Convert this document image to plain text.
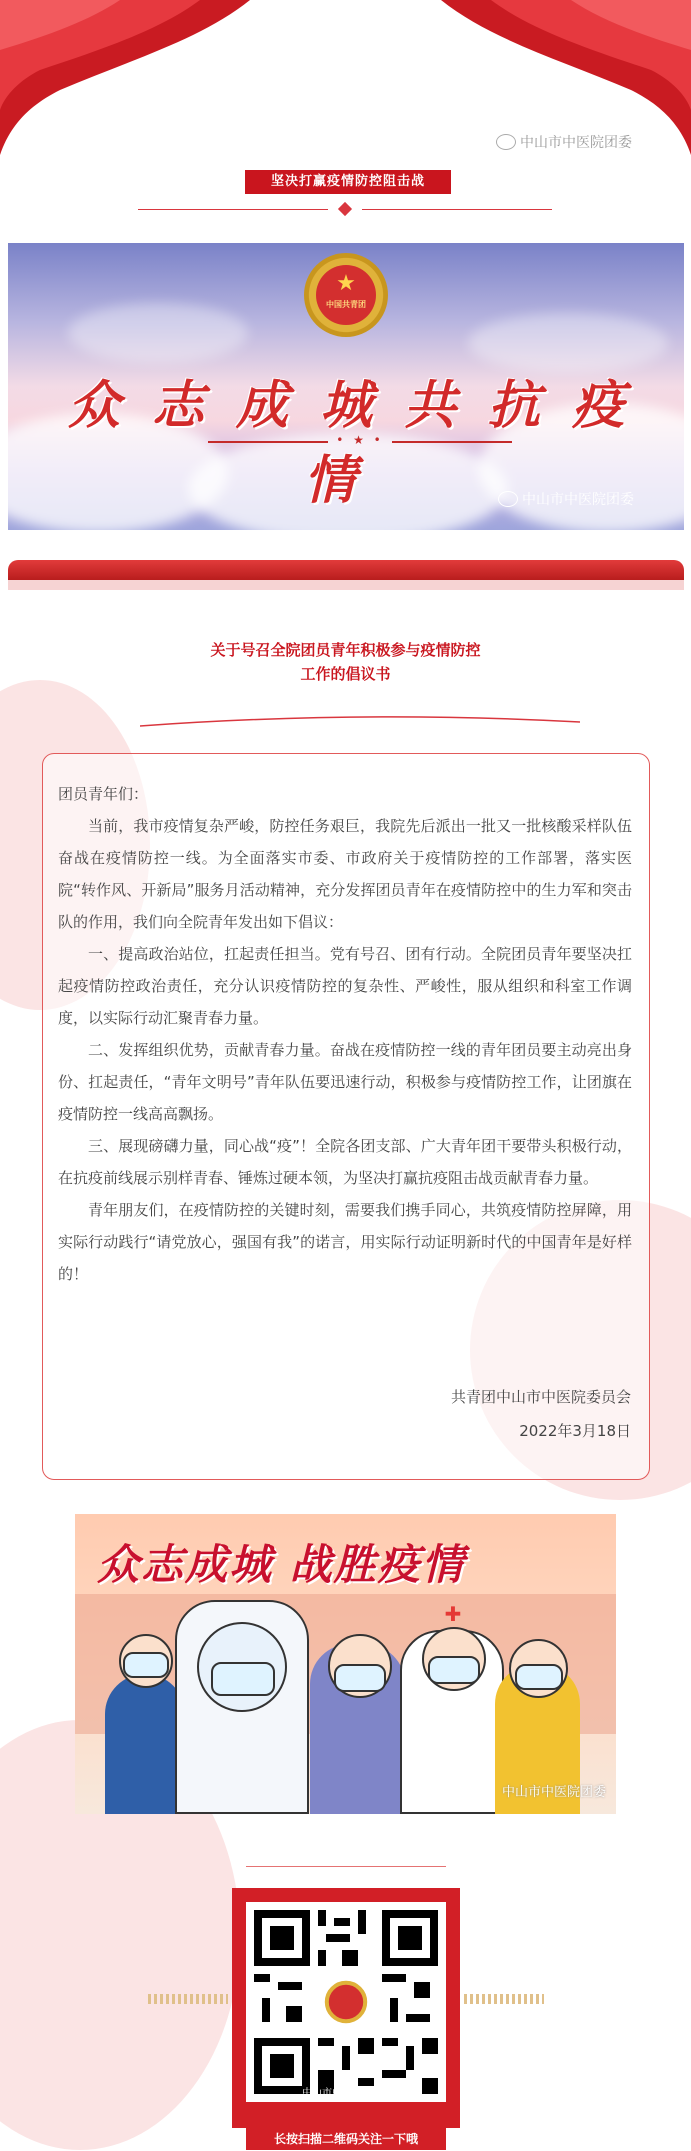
中山市中医院团委
坚决打赢疫情防控阻击战
★
中国共青团
众志成城共抗疫情
• ★ •
中山市中医院团委
关于号召全院团员青年积极参与疫情防控
工作的倡议书

团员青年们：

当前，我市疫情复杂严峻，防控任务艰巨，我院先后派出一批又一批核酸采样队伍奋战在疫情防控一线。为全面落实市委、市政府关于疫情防控的工作部署，落实医院“转作风、开新局”服务月活动精神，充分发挥团员青年在疫情防控中的生力军和突击队的作用，我们向全院青年发出如下倡议：

一、提高政治站位，扛起责任担当。党有号召、团有行动。全院团员青年要坚决扛起疫情防控政治责任，充分认识疫情防控的复杂性、严峻性，服从组织和科室工作调度，以实际行动汇聚青春力量。

二、发挥组织优势，贡献青春力量。奋战在疫情防控一线的青年团员要主动亮出身份、扛起责任，“青年文明号”青年队伍要迅速行动，积极参与疫情防控工作，让团旗在疫情防控一线高高飘扬。

三、展现磅礴力量，同心战“疫”！全院各团支部、广大青年团干要带头积极行动，在抗疫前线展示别样青春、锤炼过硬本领，为坚决打赢抗疫阻击战贡献青春力量。

青年朋友们，在疫情防控的关键时刻，需要我们携手同心，共筑疫情防控屏障，用实际行动践行“请党放心，强国有我”的诺言，用实际行动证明新时代的中国青年是好样的！

共青团中山市中医院委员会
2022年3月18日
众志成城 战胜疫情
✚
中山市中医院团委
中山市中医院团委
长按扫描二维码关注一下哦
